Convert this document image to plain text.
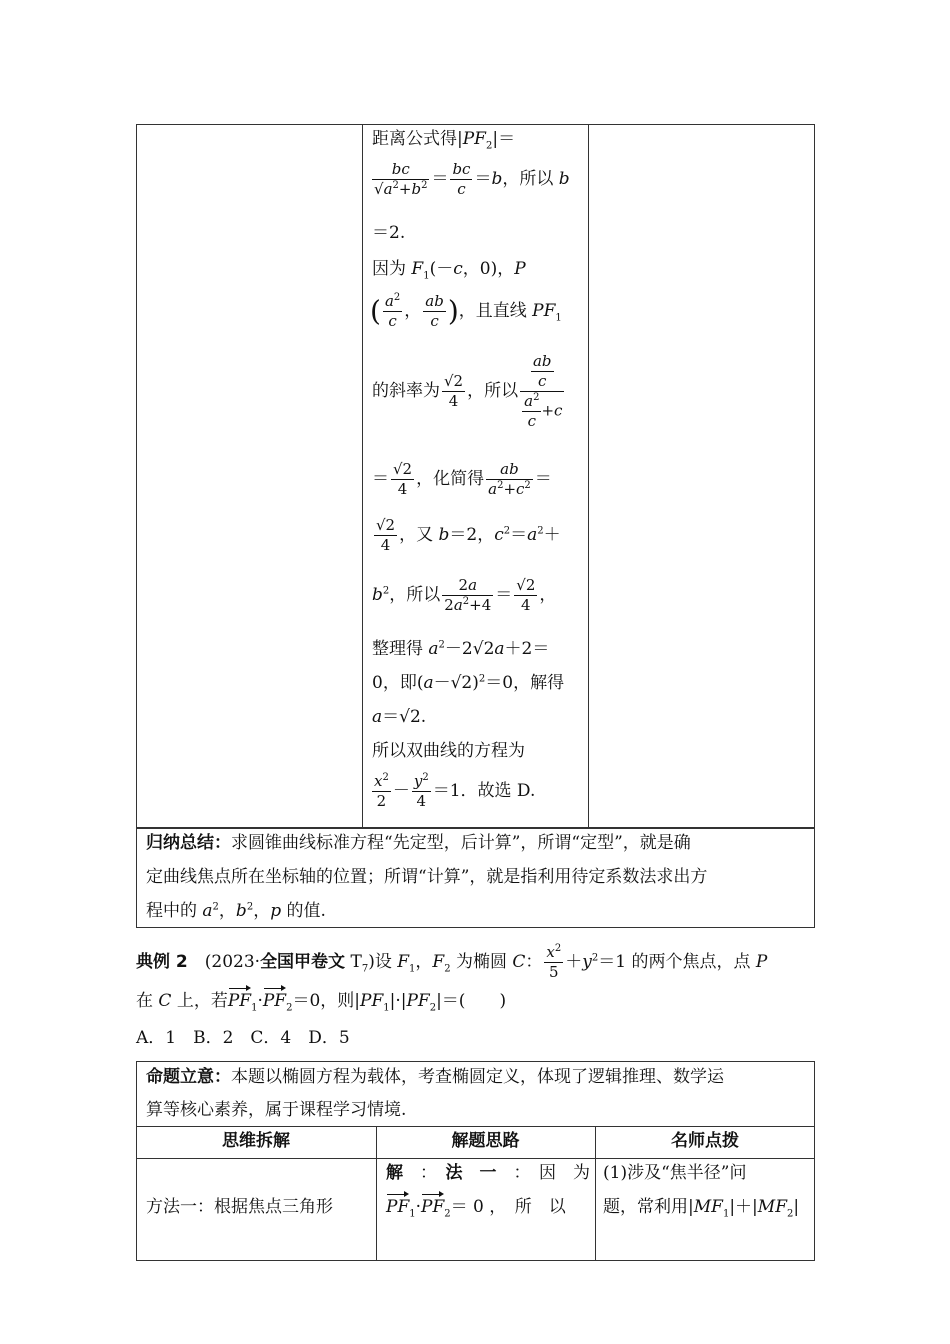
距离公式得$|PF_2|=$
$\frac{bc}{√a^2+b^2} = \frac{bc}{c} =b$，所以 b
＝2.
因为 $F_1(-c$，0)，P
( $\frac{a^2}{c}$ ， $\frac{ab}{c}$ )，且直线 $PF_1$
的斜率为 $\frac{√2}{4}$ ，所以 $\frac{\frac{ab}{c}}{\frac{a^2}{c} +c}$
＝ $\frac{√2}{4}$ ，化简得 $\frac{ab}{a^2+c^2}$ ＝
$\frac{√2}{4}$ ，又 b＝2，$c^2=a^2+$
$b^2$，所以 $\frac{2a}{2a^2+4} = \frac{√2}{4}$ ，
整理得 $a^2-2√2a+2=$
0，即$(a-√2)^2=0$，解得
a＝√2.
所以双曲线的方程为
$\frac{x^2}{2} - \frac{y^2}{4} =1$．故选 D.
归纳总结：求圆锥曲线标准方程“先定型，后计算”，所谓“定型”，就是确
定曲线焦点所在坐标轴的位置；所谓“计算”，就是指利用待定系数法求出方
程中的 $a^2$，$b^2$，p 的值.
典例 2　(2023·全国甲卷文 $T_7$)设 $F_1$，$F_2$ 为椭圆 C： $\frac{x^2}{5} +y^2=1$ 的两个焦点，点 P
在 C 上，若$PF_1\cdot PF_2=0$，则$|PF_1|\cdot|PF_2|=$(　　)
A．1　B．2　C．4　D．5
命题立意：本题以椭圆方程为载体，考查椭圆定义，体现了逻辑推理、数学运
算等核心素养，属于课程学习情境.
思维拆解	解题思路	名师点拨
方法一：根据焦点三角形
解　：　法　一　：　因　为
$PF_1\cdot PF_2= 0$ ，　所　以
(1)涉及“焦半径”问
题，常利用$|MF_1|+|MF_2|$
